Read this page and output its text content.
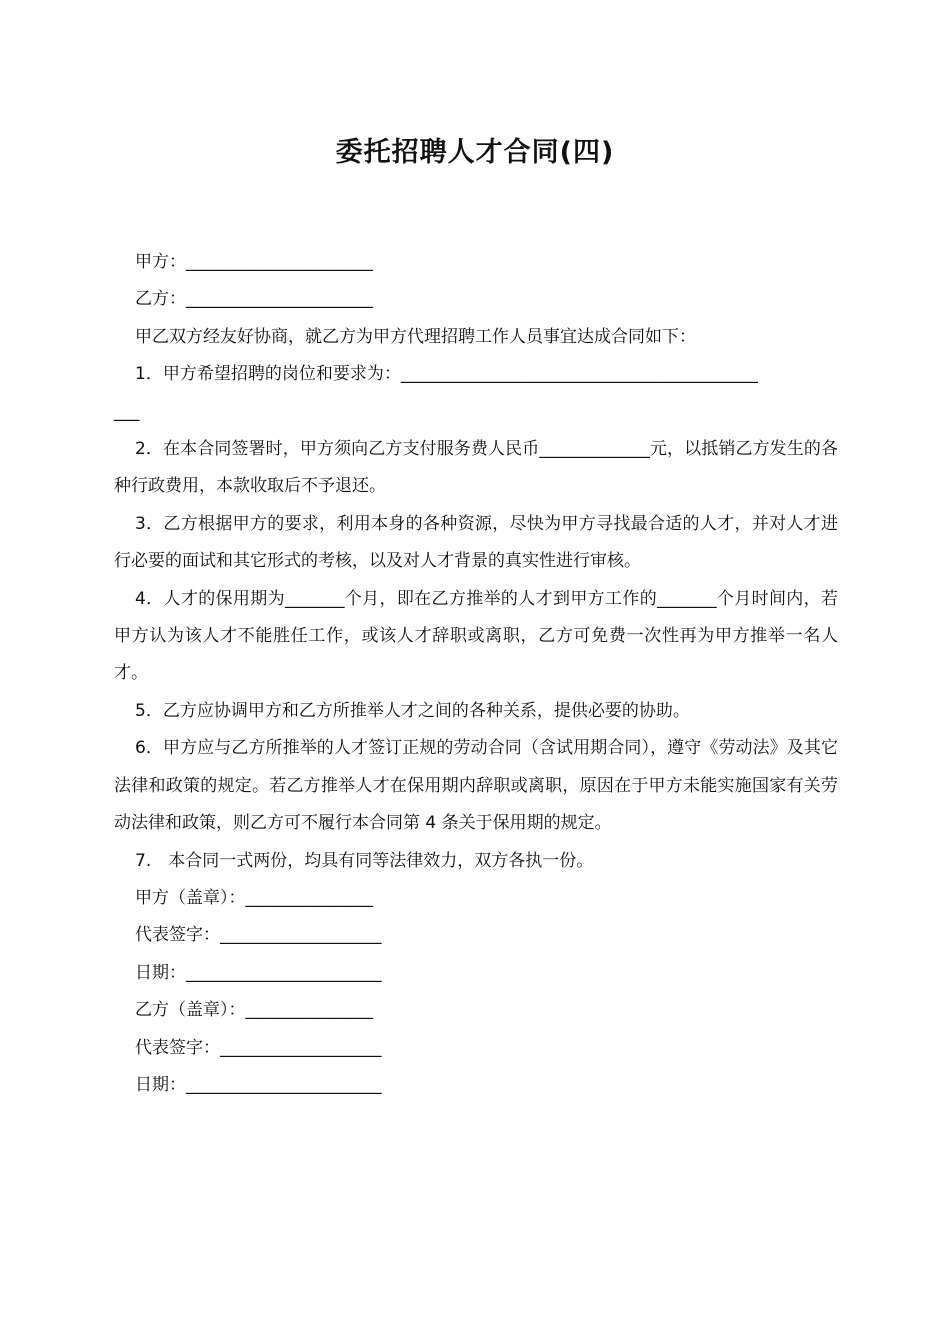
委托招聘人才合同(四)

甲方：______________________

乙方：______________________

甲乙双方经友好协商，就乙方为甲方代理招聘工作人员事宜达成合同如下：

1．甲方希望招聘的岗位和要求为：__________________________________________

___

2．在本合同签署时，甲方须向乙方支付服务费人民币_____________元，以抵销乙方发生的各种行政费用，本款收取后不予退还。

3．乙方根据甲方的要求，利用本身的各种资源，尽快为甲方寻找最合适的人才，并对人才进行必要的面试和其它形式的考核，以及对人才背景的真实性进行审核。

4．人才的保用期为_______个月，即在乙方推举的人才到甲方工作的_______个月时间内，若甲方认为该人才不能胜任工作，或该人才辞职或离职，乙方可免费一次性再为甲方推举一名人才。

5．乙方应协调甲方和乙方所推举人才之间的各种关系，提供必要的协助。

6．甲方应与乙方所推举的人才签订正规的劳动合同（含试用期合同），遵守《劳动法》及其它法律和政策的规定。若乙方推举人才在保用期内辞职或离职，原因在于甲方未能实施国家有关劳动法律和政策，则乙方可不履行本合同第 4 条关于保用期的规定。

7.　本合同一式两份，均具有同等法律效力，双方各执一份。

甲方（盖章）：_______________

代表签字：___________________

日期：_______________________

乙方（盖章）：_______________

代表签字：___________________

日期：_______________________
